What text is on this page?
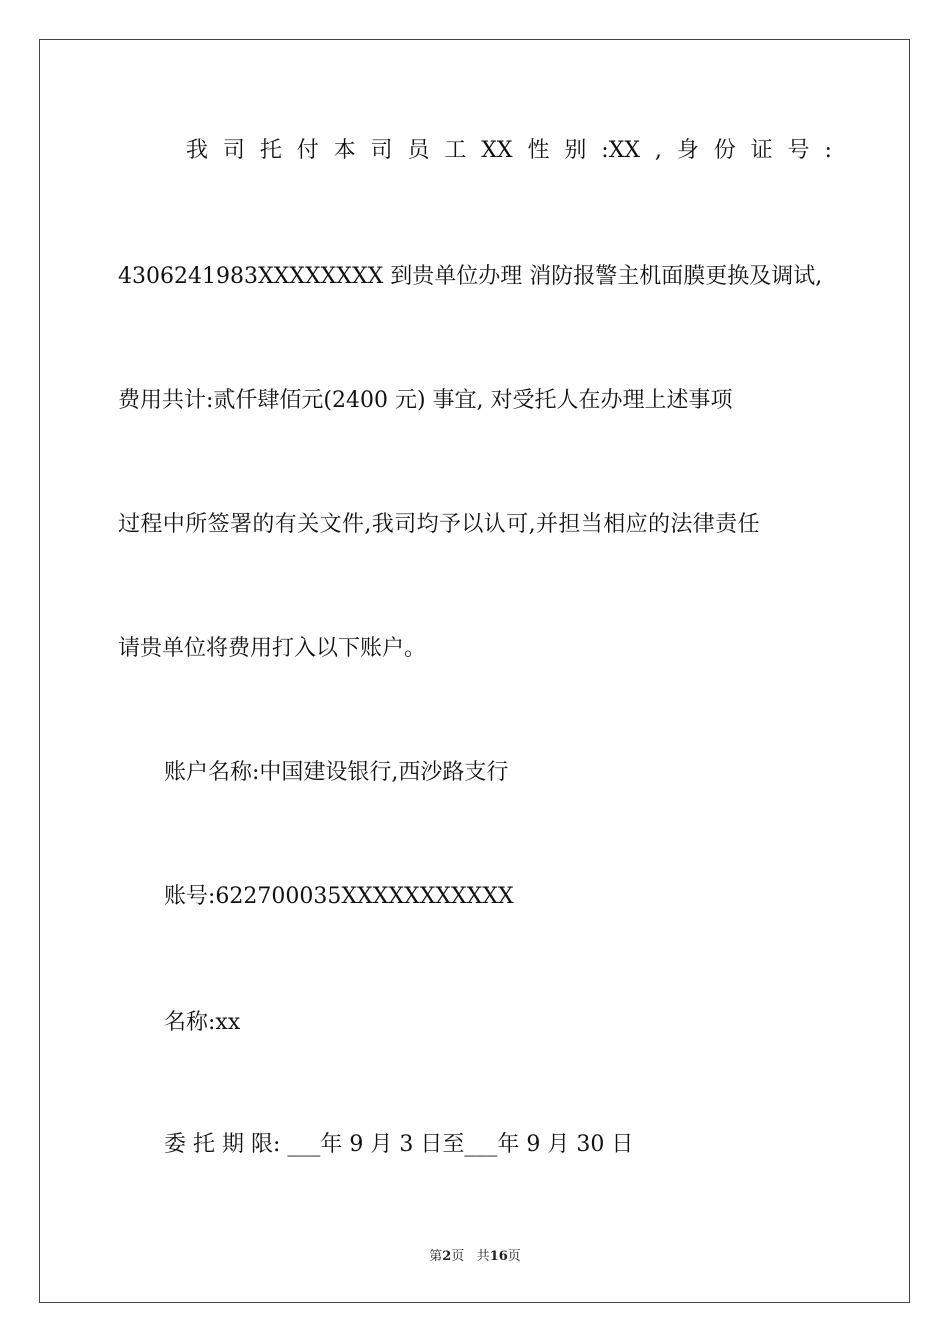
我 司 托 付 本 司 员 工 XX 性 别 :XX , 身 份 证 号 :
4306241983XXXXXXXX 到贵单位办理 消防报警主机面膜更换及调试,
费用共计:贰仟肆佰元(2400 元) 事宜, 对受托人在办理上述事项
过程中所签署的有关文件,我司均予以认可,并担当相应的法律责任
请贵单位将费用打入以下账户。
账户名称:中国建设银行,西沙路支行
账号:622700035XXXXXXXXXXX
名称:xx
委 托 期 限: ___年 9 月 3 日至___年 9 月 30 日
第2页 共16页
